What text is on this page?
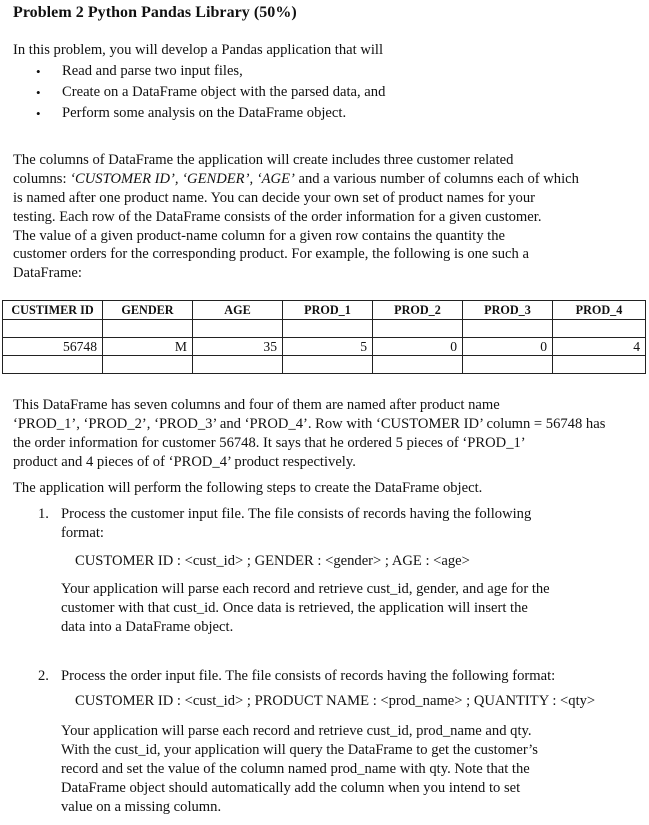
Problem 2 Python Pandas Library (50%)
In this problem, you will develop a Pandas application that will
• Read and parse two input files,
• Create on a DataFrame object with the parsed data, and
• Perform some analysis on the DataFrame object.
The columns of DataFrame the application will create includes three customer related
columns: ‘CUSTOMER ID’, ‘GENDER’, ‘AGE’ and a various number of columns each of which
is named after one product name. You can decide your own set of product names for your
testing. Each row of the DataFrame consists of the order information for a given customer.
The value of a given product-name column for a given row contains the quantity the
customer orders for the corresponding product. For example, the following is one such a
DataFrame:
CUSTIMER ID	GENDER	AGE	PROD_1	PROD_2	PROD_3	PROD_4

56748	M	35	5	0	0	4

This DataFrame has seven columns and four of them are named after product name
‘PROD_1’, ‘PROD_2’, ‘PROD_3’ and ‘PROD_4’. Row with ‘CUSTOMER ID’ column = 56748 has
the order information for customer 56748. It says that he ordered 5 pieces of ‘PROD_1’
product and 4 pieces of of ‘PROD_4’ product respectively.
The application will perform the following steps to create the DataFrame object.
1. Process the customer input file. The file consists of records having the following
format:
CUSTOMER ID : <cust_id> ; GENDER : <gender> ; AGE : <age>
Your application will parse each record and retrieve cust_id, gender, and age for the
customer with that cust_id. Once data is retrieved, the application will insert the
data into a DataFrame object.
2. Process the order input file. The file consists of records having the following format:
CUSTOMER ID : <cust_id> ; PRODUCT NAME : <prod_name> ; QUANTITY : <qty>
Your application will parse each record and retrieve cust_id, prod_name and qty.
With the cust_id, your application will query the DataFrame to get the customer’s
record and set the value of the column named prod_name with qty. Note that the
DataFrame object should automatically add the column when you intend to set
value on a missing column.
